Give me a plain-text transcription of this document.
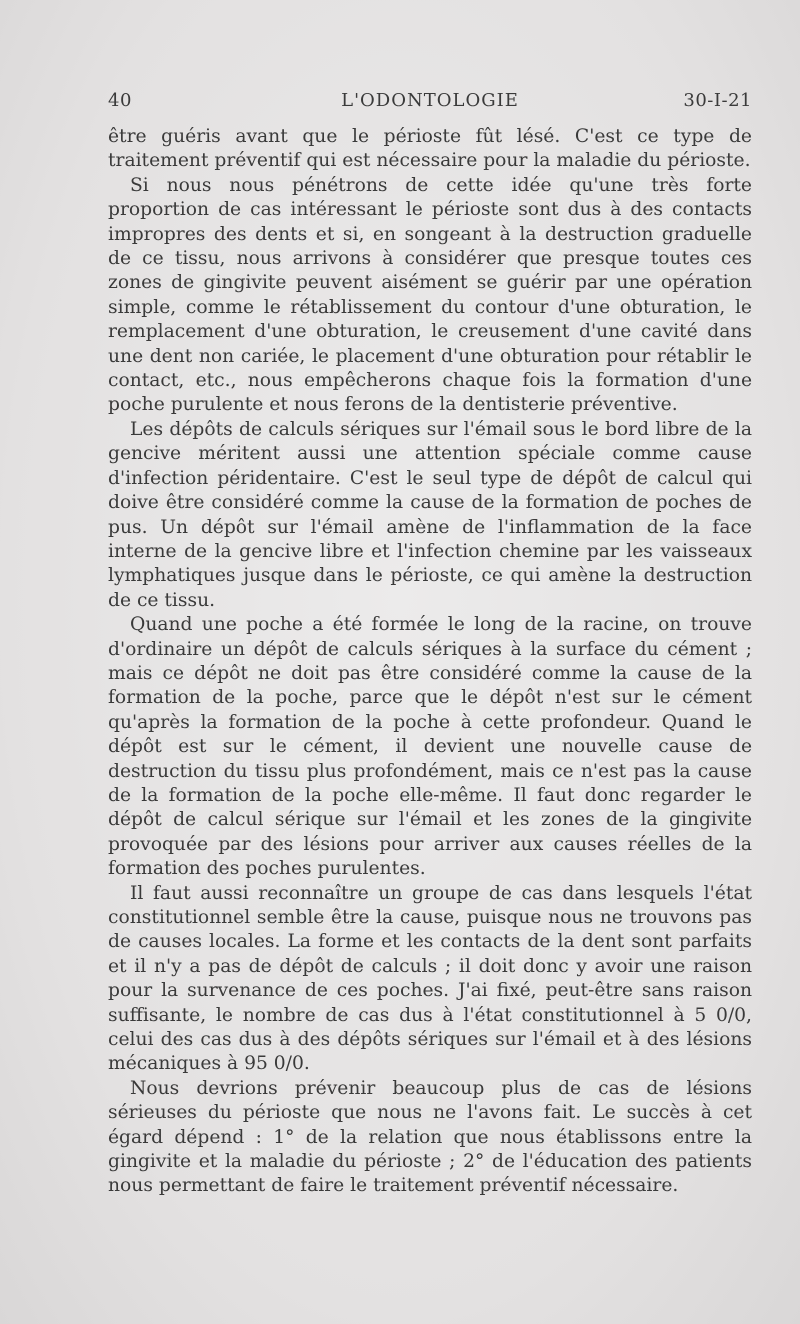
40	L'ODONTOLOGIE	30-I-21

être guéris avant que le périoste fût lésé. C'est ce type de traitement préventif qui est nécessaire pour la maladie du périoste.

Si nous nous pénétrons de cette idée qu'une très forte proportion de cas intéressant le périoste sont dus à des contacts impropres des dents et si, en songeant à la destruction graduelle de ce tissu, nous arrivons à considérer que presque toutes ces zones de gingivite peuvent aisément se guérir par une opération simple, comme le rétablissement du contour d'une obturation, le remplacement d'une obturation, le creusement d'une cavité dans une dent non cariée, le placement d'une obturation pour rétablir le contact, etc., nous empêcherons chaque fois la formation d'une poche purulente et nous ferons de la dentisterie préventive.

Les dépôts de calculs sériques sur l'émail sous le bord libre de la gencive méritent aussi une attention spéciale comme cause d'infection péridentaire. C'est le seul type de dépôt de calcul qui doive être considéré comme la cause de la formation de poches de pus. Un dépôt sur l'émail amène de l'inflammation de la face interne de la gencive libre et l'infection chemine par les vaisseaux lymphatiques jusque dans le périoste, ce qui amène la destruction de ce tissu.

Quand une poche a été formée le long de la racine, on trouve d'ordinaire un dépôt de calculs sériques à la surface du cément ; mais ce dépôt ne doit pas être considéré comme la cause de la formation de la poche, parce que le dépôt n'est sur le cément qu'après la formation de la poche à cette profondeur. Quand le dépôt est sur le cément, il devient une nouvelle cause de destruction du tissu plus profondément, mais ce n'est pas la cause de la formation de la poche elle-même. Il faut donc regarder le dépôt de calcul sérique sur l'émail et les zones de la gingivite provoquée par des lésions pour arriver aux causes réelles de la formation des poches purulentes.

Il faut aussi reconnaître un groupe de cas dans lesquels l'état constitutionnel semble être la cause, puisque nous ne trouvons pas de causes locales. La forme et les contacts de la dent sont parfaits et il n'y a pas de dépôt de calculs ; il doit donc y avoir une raison pour la survenance de ces poches. J'ai fixé, peut-être sans raison suffisante, le nombre de cas dus à l'état constitutionnel à 5 0/0, celui des cas dus à des dépôts sériques sur l'émail et à des lésions mécaniques à 95 0/0.

Nous devrions prévenir beaucoup plus de cas de lésions sérieuses du périoste que nous ne l'avons fait. Le succès à cet égard dépend : 1° de la relation que nous établissons entre la gingivite et la maladie du périoste ; 2° de l'éducation des patients nous permettant de faire le traitement préventif nécessaire.
